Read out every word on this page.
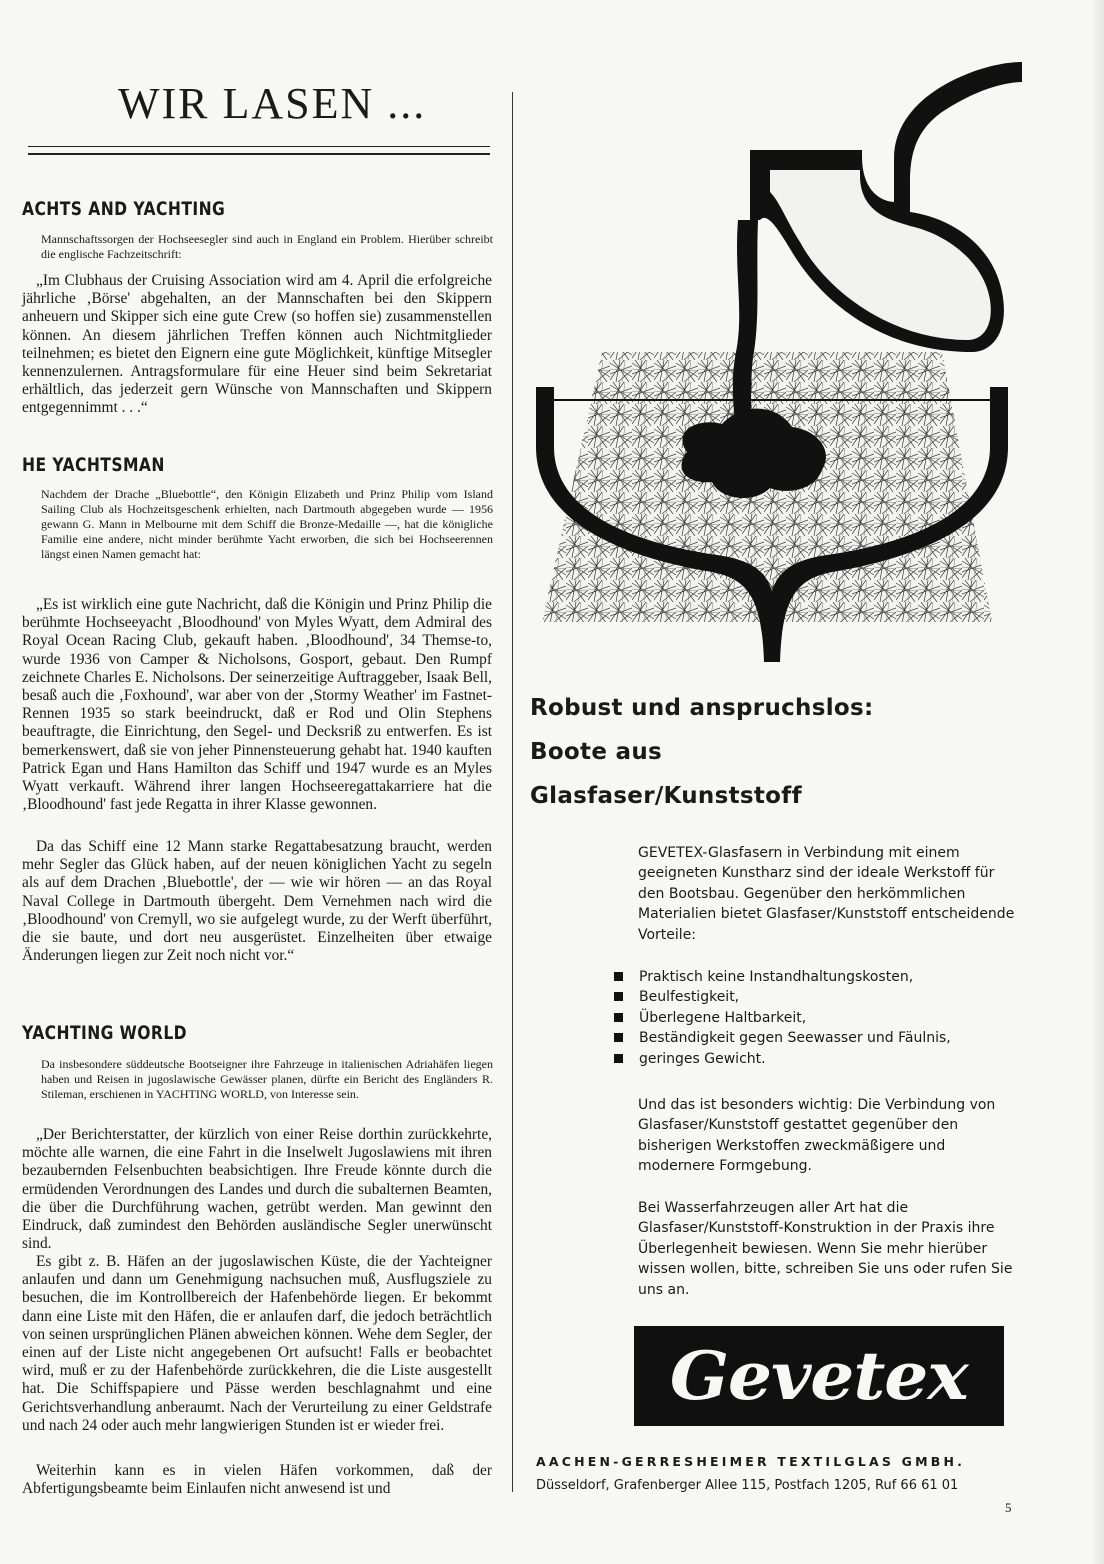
WIR LASEN ...
ACHTS AND YACHTING

Mannschaftssorgen der Hochseesegler sind auch in England ein Problem. Hierüber schreibt die englische Fachzeitschrift:

„Im Clubhaus der Cruising Association wird am 4. April die erfolgreiche jährliche ‚Börse' abgehalten, an der Mannschaften bei den Skippern anheuern und Skipper sich eine gute Crew (so hoffen sie) zusammenstellen können. An diesem jährlichen Treffen können auch Nichtmitglieder teilnehmen; es bietet den Eignern eine gute Möglichkeit, künftige Mitsegler kennenzulernen. Antragsformulare für eine Heuer sind beim Sekretariat erhältlich, das jederzeit gern Wünsche von Mannschaften und Skippern entgegennimmt . . .“

HE YACHTSMAN

Nachdem der Drache „Bluebottle“, den Königin Elizabeth und Prinz Philip vom Island Sailing Club als Hochzeitsgeschenk erhielten, nach Dartmouth abgegeben wurde — 1956 gewann G. Mann in Melbourne mit dem Schiff die Bronze-Medaille —, hat die königliche Familie eine andere, nicht minder berühmte Yacht erworben, die sich bei Hochseerennen längst einen Namen gemacht hat:

„Es ist wirklich eine gute Nachricht, daß die Königin und Prinz Philip die berühmte Hochseeyacht ‚Bloodhound' von Myles Wyatt, dem Admiral des Royal Ocean Racing Club, gekauft haben. ‚Bloodhound', 34 Themse-to, wurde 1936 von Camper & Nicholsons, Gosport, gebaut. Den Rumpf zeichnete Charles E. Nicholsons. Der seinerzeitige Auftraggeber, Isaak Bell, besaß auch die ‚Foxhound', war aber von der ‚Stormy Weather' im Fastnet-Rennen 1935 so stark beeindruckt, daß er Rod und Olin Stephens beauftragte, die Einrichtung, den Segel- und Decksriß zu entwerfen. Es ist bemerkenswert, daß sie von jeher Pinnensteuerung gehabt hat. 1940 kauften Patrick Egan und Hans Hamilton das Schiff und 1947 wurde es an Myles Wyatt verkauft. Während ihrer langen Hochseeregattakarriere hat die ‚Bloodhound' fast jede Regatta in ihrer Klasse gewonnen.

Da das Schiff eine 12 Mann starke Regattabesatzung braucht, werden mehr Segler das Glück haben, auf der neuen königlichen Yacht zu segeln als auf dem Drachen ‚Bluebottle', der — wie wir hören — an das Royal Naval College in Dartmouth übergeht. Dem Vernehmen nach wird die ‚Bloodhound' von Cremyll, wo sie aufgelegt wurde, zu der Werft überführt, die sie baute, und dort neu ausgerüstet. Einzelheiten über etwaige Änderungen liegen zur Zeit noch nicht vor.“

YACHTING WORLD

Da insbesondere süddeutsche Bootseigner ihre Fahrzeuge in italienischen Adriahäfen liegen haben und Reisen in jugoslawische Gewässer planen, dürfte ein Bericht des Engländers R. Stileman, erschienen in YACHTING WORLD, von Interesse sein.

„Der Berichterstatter, der kürzlich von einer Reise dorthin zurückkehrte, möchte alle warnen, die eine Fahrt in die Inselwelt Jugoslawiens mit ihren bezaubernden Felsenbuchten beabsichtigen. Ihre Freude könnte durch die ermüdenden Verordnungen des Landes und durch die subalternen Beamten, die über die Durchführung wachen, getrübt werden. Man gewinnt den Eindruck, daß zumindest den Behörden ausländische Segler unerwünscht sind.

Es gibt z. B. Häfen an der jugoslawischen Küste, die der Yachteigner anlaufen und dann um Genehmigung nachsuchen muß, Ausflugsziele zu besuchen, die im Kontrollbereich der Hafenbehörde liegen. Er bekommt dann eine Liste mit den Häfen, die er anlaufen darf, die jedoch beträchtlich von seinen ursprünglichen Plänen abweichen können. Wehe dem Segler, der einen auf der Liste nicht angegebenen Ort aufsucht! Falls er beobachtet wird, muß er zu der Hafenbehörde zurückkehren, die die Liste ausgestellt hat. Die Schiffspapiere und Pässe werden beschlagnahmt und eine Gerichtsverhandlung anberaumt. Nach der Verurteilung zu einer Geldstrafe und nach 24 oder auch mehr langwierigen Stunden ist er wieder frei.

Weiterhin kann es in vielen Häfen vorkommen, daß der Abfertigungsbeamte beim Einlaufen nicht anwesend ist und

Robust und anspruchslos:

Boote aus

Glasfaser/Kunststoff

GEVETEX-Glasfasern in Verbindung mit einem geeigneten Kunstharz sind der ideale Werkstoff für den Bootsbau. Gegenüber den herkömmlichen Materialien bietet Glasfaser/Kunststoff entscheidende Vorteile:

Praktisch keine Instandhaltungskosten,
Beulfestigkeit,
Überlegene Haltbarkeit,
Beständigkeit gegen Seewasser und Fäulnis,
geringes Gewicht.

Und das ist besonders wichtig: Die Verbindung von Glasfaser/Kunststoff gestattet gegenüber den bisherigen Werkstoffen zweckmäßigere und modernere Formgebung.

Bei Wasserfahrzeugen aller Art hat die Glasfaser/Kunststoff-Konstruktion in der Praxis ihre Überlegenheit bewiesen. Wenn Sie mehr hierüber wissen wollen, bitte, schreiben Sie uns oder rufen Sie uns an.

Gevetex

AACHEN-GERRESHEIMER TEXTILGLAS GMBH.

Düsseldorf, Grafenberger Allee 115, Postfach 1205, Ruf 66 61 01

5
